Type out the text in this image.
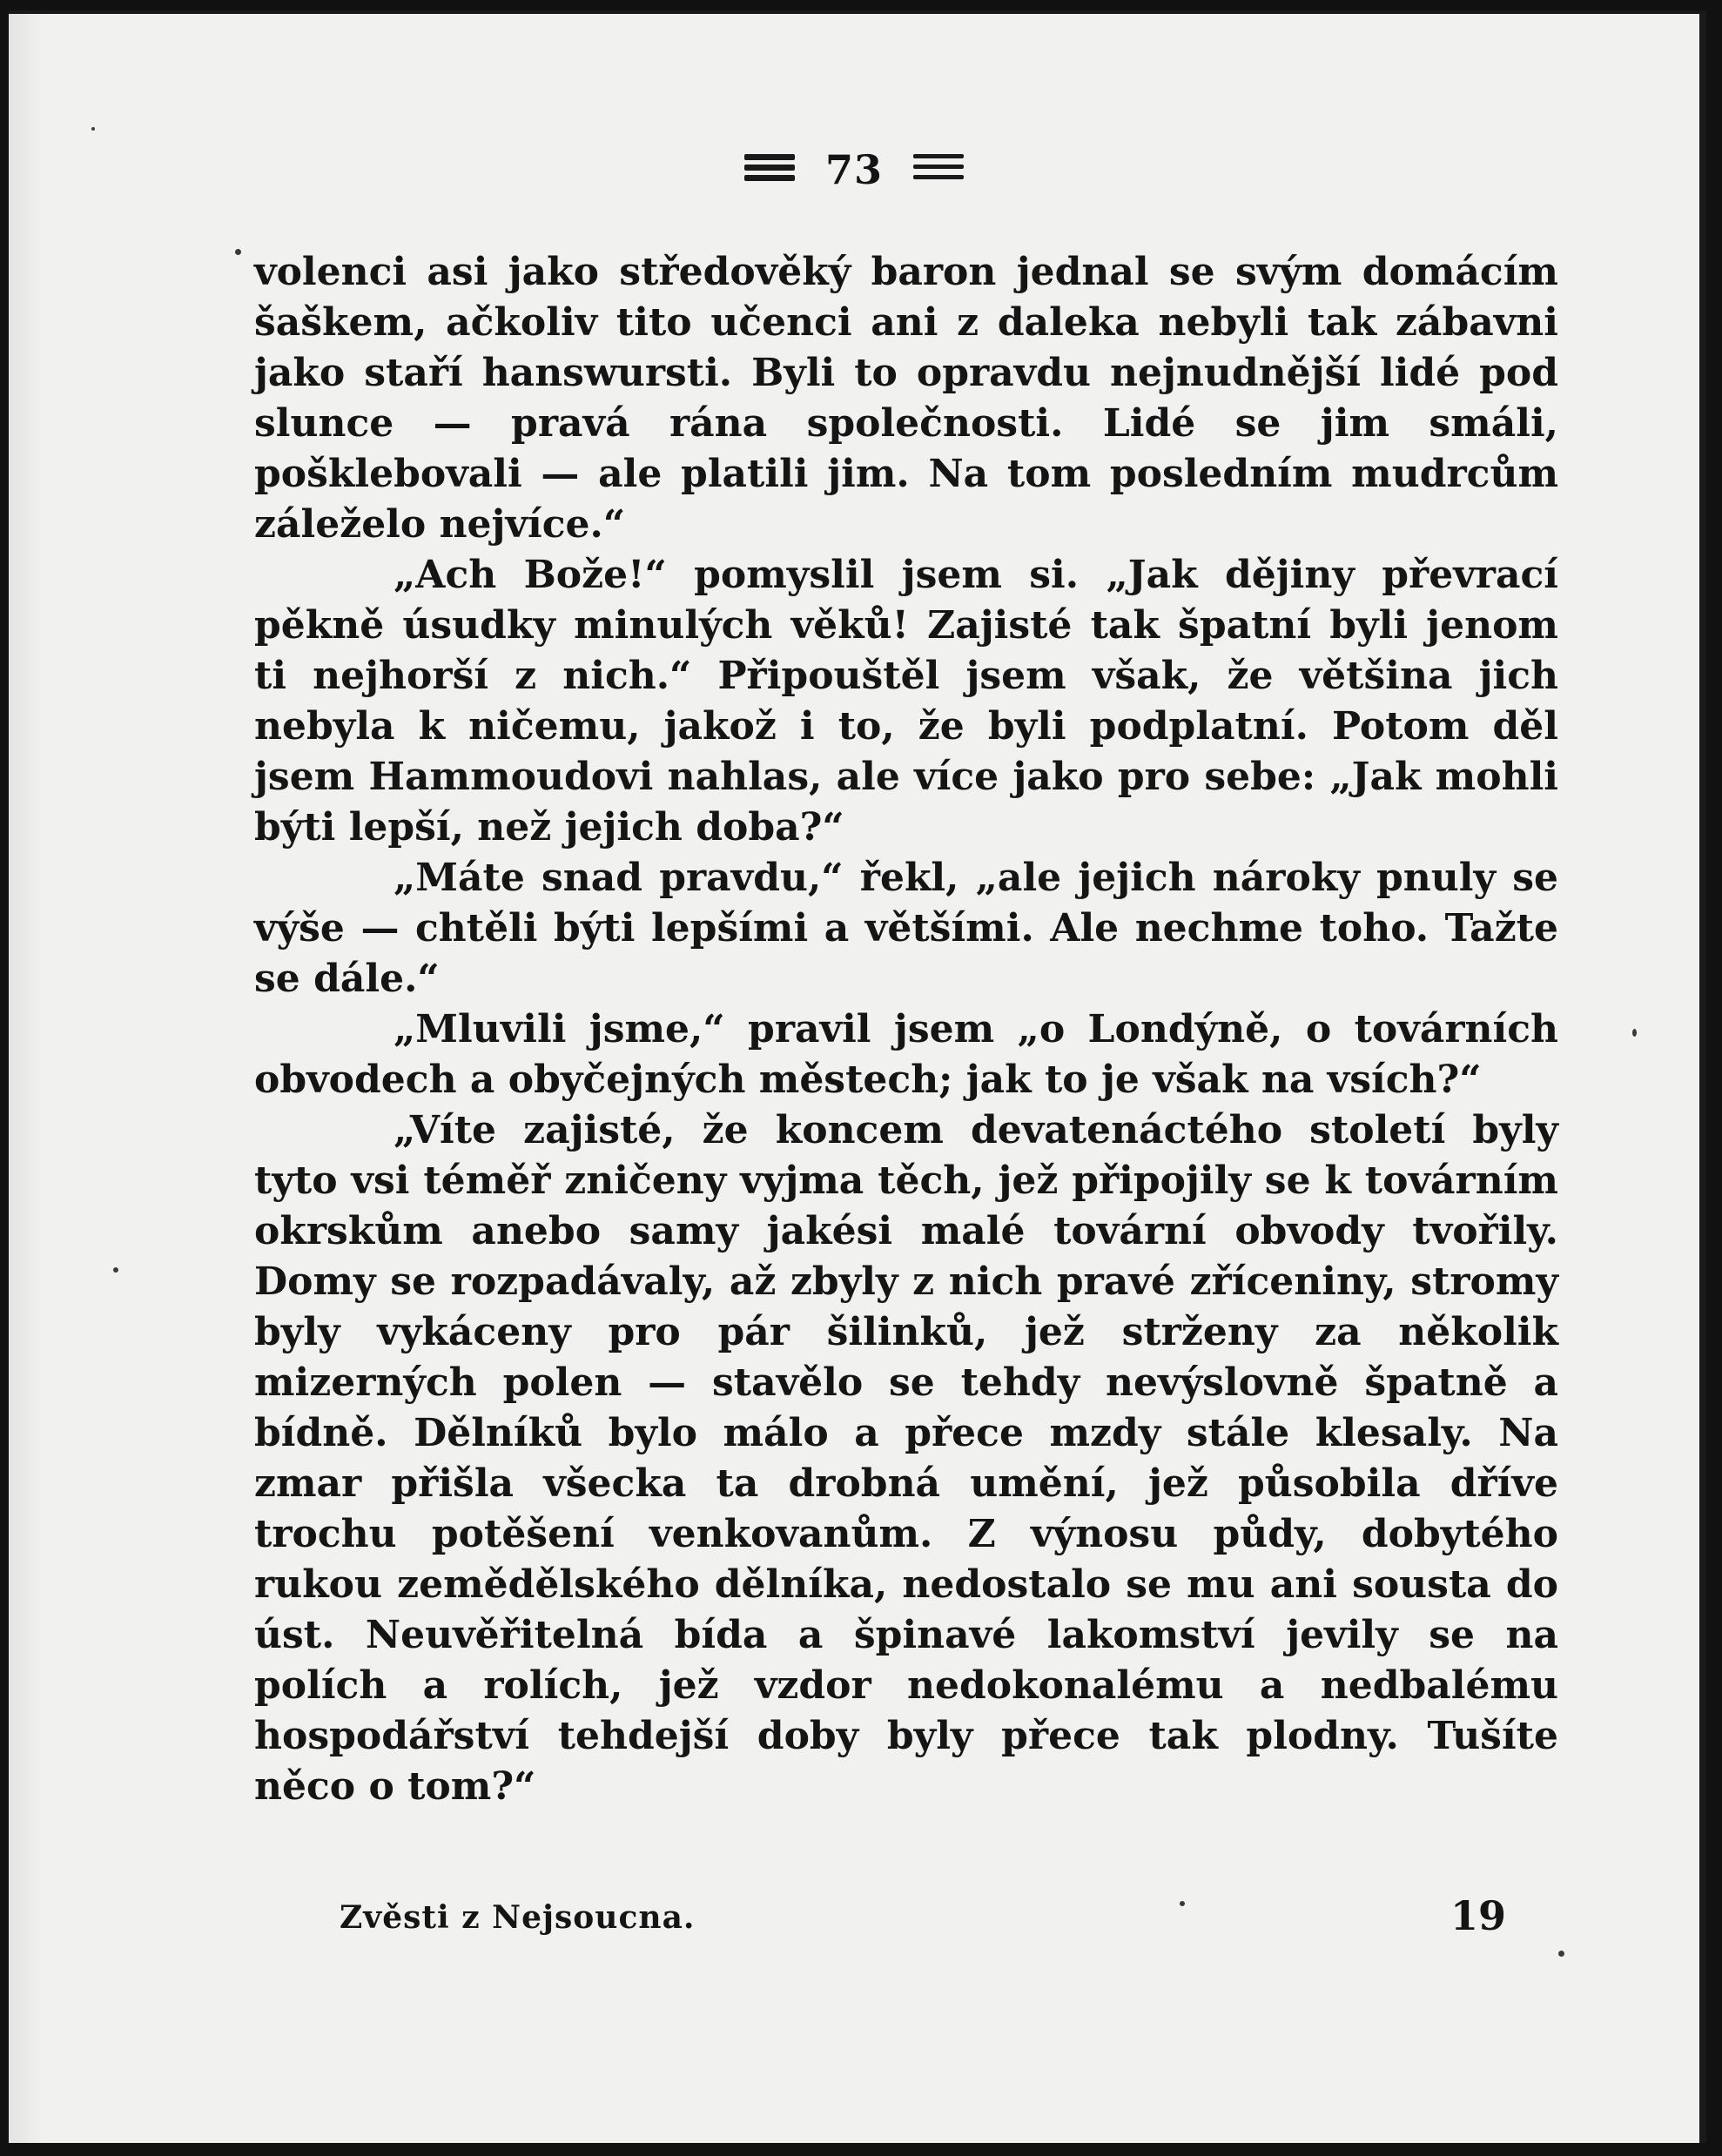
73

volenci asi jako středověký baron jednal se svým domácím šaškem, ačkoliv tito učenci ani z daleka nebyli tak zábavni jako staří hanswursti. Byli to opravdu nejnudnější lidé pod slunce — pravá rána společnosti. Lidé se jim smáli, pošklebovali — ale platili jim. Na tom posledním mudrcům záleželo nejvíce.“

„Ach Bože!“ pomyslil jsem si. „Jak dějiny převrací pěkně úsudky minulých věků! Zajisté tak špatní byli jenom ti nejhorší z nich.“ Připouštěl jsem však, že většina jich nebyla k ničemu, jakož i to, že byli podplatní. Potom děl jsem Hammoudovi nahlas, ale více jako pro sebe: „Jak mohli býti lepší, než jejich doba?“

„Máte snad pravdu,“ řekl, „ale jejich nároky pnuly se výše — chtěli býti lepšími a většími. Ale nechme toho. Tažte se dále.“

„Mluvili jsme,“ pravil jsem „o Londýně, o továrních obvodech a obyčejných městech; jak to je však na vsích?“

„Víte zajisté, že koncem devatenáctého století byly tyto vsi téměř zničeny vyjma těch, jež připojily se k továrním okrskům anebo samy jakési malé tovární obvody tvořily. Domy se rozpadávaly, až zbyly z nich pravé zříceniny, stromy byly vykáceny pro pár šilinků, jež strženy za několik mizerných polen — stavělo se tehdy nevýslovně špatně a bídně. Dělníků bylo málo a přece mzdy stále klesaly. Na zmar přišla všecka ta drobná umění, jež působila dříve trochu potěšení venkovanům. Z výnosu půdy, dobytého rukou zemědělského dělníka, nedostalo se mu ani sousta do úst. Neuvěřitelná bída a špinavé lakomství jevily se na polích a rolích, jež vzdor nedokonalému a nedbalému hospodářství tehdejší doby byly přece tak plodny. Tušíte něco o tom?“

Zvěsti z Nejsoucna.	19
